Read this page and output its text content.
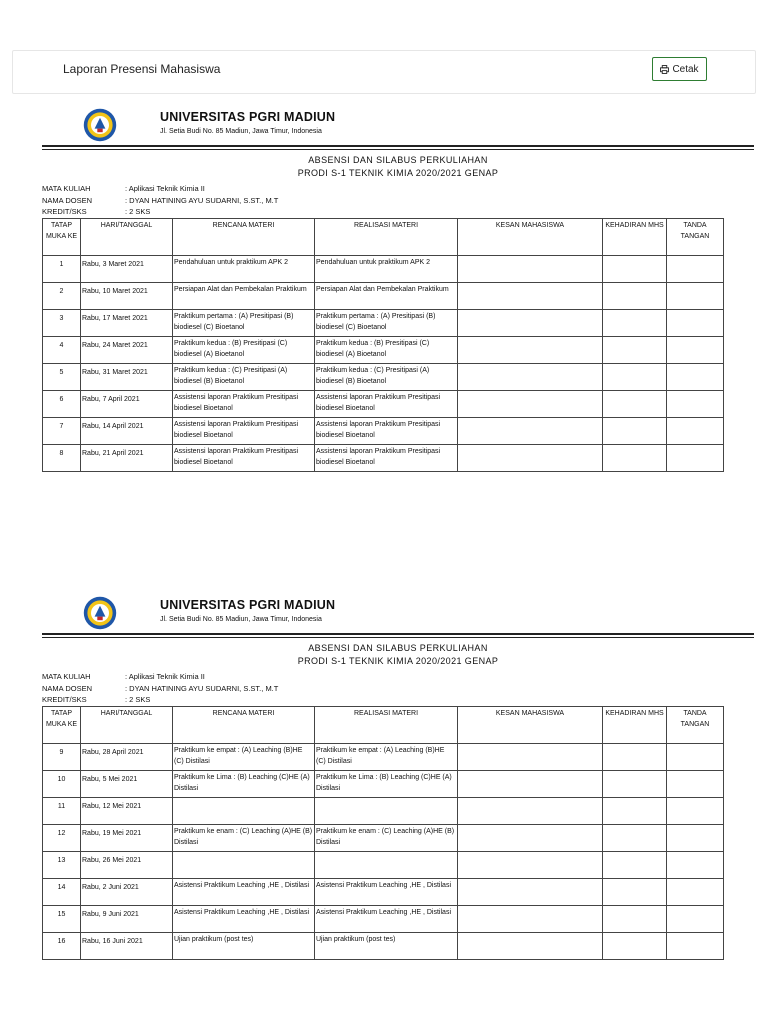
Laporan Presensi Mahasiswa	Cetak
UNIVERSITAS PGRI MADIUN
Jl. Setia Budi No. 85 Madiun, Jawa Timur, Indonesia
ABSENSI DAN SILABUS PERKULIAHAN
PRODI S-1 TEKNIK KIMIA 2020/2021 GENAP
MATA KULIAH	: Aplikasi Teknik Kimia II
NAMA DOSEN	: DYAN HATINING AYU SUDARNI, S.ST., M.T
KREDIT/SKS	: 2 SKS
TATAP MUKA KE	HARI/TANGGAL	RENCANA MATERI	REALISASI MATERI	KESAN MAHASISWA	KEHADIRAN MHS	TANDA TANGAN
1	Rabu, 3 Maret 2021	Pendahuluan untuk praktikum APK 2	Pendahuluan untuk praktikum APK 2			
2	Rabu, 10 Maret 2021	Persiapan Alat dan Pembekalan Praktikum	Persiapan Alat dan Pembekalan Praktikum			
3	Rabu, 17 Maret 2021	Praktikum pertama : (A) Presitipasi (B) biodiesel (C) Bioetanol	Praktikum pertama : (A) Presitipasi (B) biodiesel (C) Bioetanol			
4	Rabu, 24 Maret 2021	Praktikum kedua : (B) Presitipasi (C) biodiesel (A) Bioetanol	Praktikum kedua : (B) Presitipasi (C) biodiesel (A) Bioetanol			
5	Rabu, 31 Maret 2021	Praktikum kedua : (C) Presitipasi (A) biodiesel (B) Bioetanol	Praktikum kedua : (C) Presitipasi (A) biodiesel (B) Bioetanol			
6	Rabu, 7 April 2021	Assistensi laporan Praktikum Presitipasi biodiesel Bioetanol	Assistensi laporan Praktikum Presitipasi biodiesel Bioetanol			
7	Rabu, 14 April 2021	Assistensi laporan Praktikum Presitipasi biodiesel Bioetanol	Assistensi laporan Praktikum Presitipasi biodiesel Bioetanol			
8	Rabu, 21 April 2021	Assistensi laporan Praktikum Presitipasi biodiesel Bioetanol	Assistensi laporan Praktikum Presitipasi biodiesel Bioetanol			
UNIVERSITAS PGRI MADIUN
Jl. Setia Budi No. 85 Madiun, Jawa Timur, Indonesia
ABSENSI DAN SILABUS PERKULIAHAN
PRODI S-1 TEKNIK KIMIA 2020/2021 GENAP
MATA KULIAH	: Aplikasi Teknik Kimia II
NAMA DOSEN	: DYAN HATINING AYU SUDARNI, S.ST., M.T
KREDIT/SKS	: 2 SKS
TATAP MUKA KE	HARI/TANGGAL	RENCANA MATERI	REALISASI MATERI	KESAN MAHASISWA	KEHADIRAN MHS	TANDA TANGAN
9	Rabu, 28 April 2021	Praktikum ke empat : (A) Leaching (B)HE (C) Distilasi	Praktikum ke empat : (A) Leaching (B)HE (C) Distilasi			
10	Rabu, 5 Mei 2021	Praktikum ke Lima : (B) Leaching (C)HE (A) Distilasi	Praktikum ke Lima : (B) Leaching (C)HE (A) Distilasi			
11	Rabu, 12 Mei 2021					
12	Rabu, 19 Mei 2021	Praktikum ke enam : (C) Leaching (A)HE (B) Distilasi	Praktikum ke enam : (C) Leaching (A)HE (B) Distilasi			
13	Rabu, 26 Mei 2021					
14	Rabu, 2 Juni 2021	Asistensi Praktikum Leaching ,HE , Distilasi	Asistensi Praktikum Leaching ,HE , Distilasi			
15	Rabu, 9 Juni 2021	Asistensi Praktikum Leaching ,HE , Distilasi	Asistensi Praktikum Leaching ,HE , Distilasi			
16	Rabu, 16 Juni 2021	Ujian praktikum (post tes)	Ujian praktikum (post tes)			
